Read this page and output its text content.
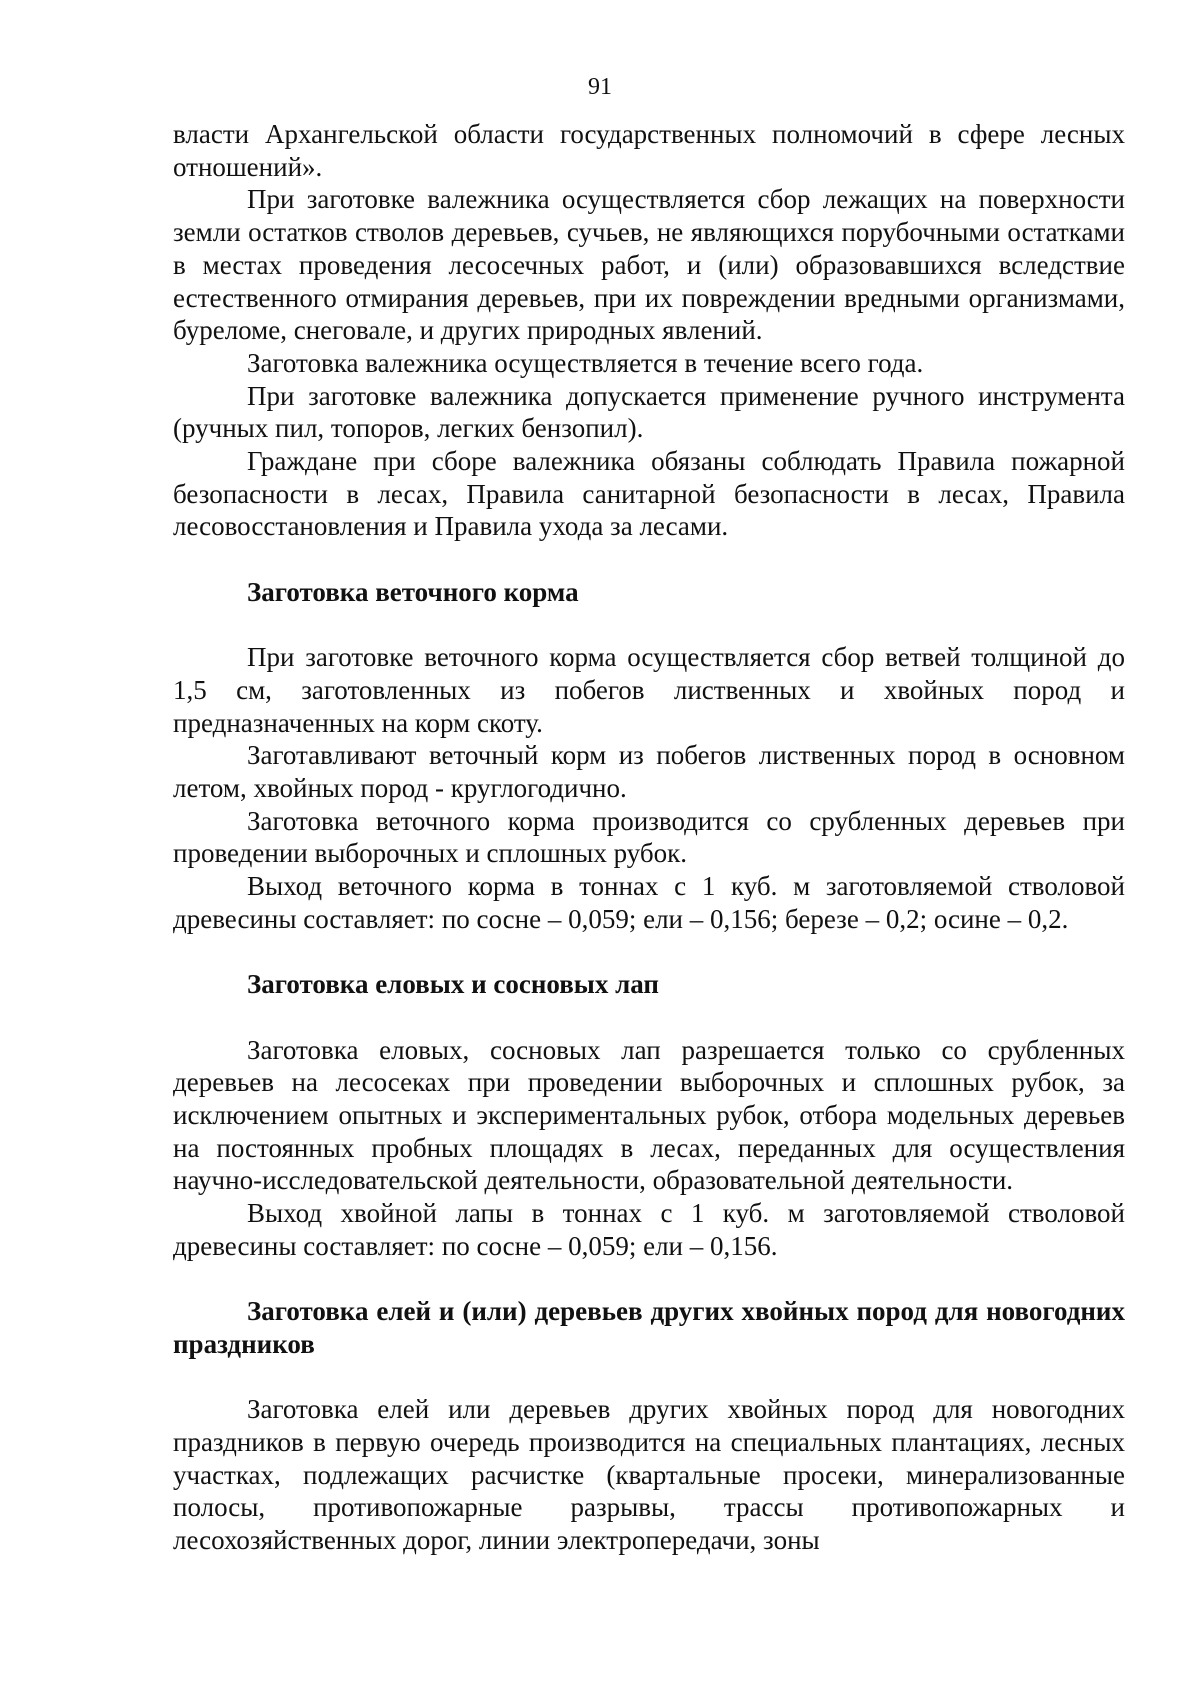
91

власти Архангельской области государственных полномочий в сфере лесных отношений».

При заготовке валежника осуществляется сбор лежащих на поверхности земли остатков стволов деревьев, сучьев, не являющихся порубочными остатками в местах проведения лесосечных работ, и (или) образовавшихся вследствие естественного отмирания деревьев, при их повреждении вредными организмами, буреломе, снеговале, и других природных явлений.

Заготовка валежника осуществляется в течение всего года.

При заготовке валежника допускается применение ручного инструмента (ручных пил, топоров, легких бензопил).

Граждане при сборе валежника обязаны соблюдать Правила пожарной безопасности в лесах, Правила санитарной безопасности в лесах, Правила лесовосстановления и Правила ухода за лесами.

Заготовка веточного корма

При заготовке веточного корма осуществляется сбор ветвей толщиной до 1,5 см, заготовленных из побегов лиственных и хвойных пород и предназначенных на корм скоту.

Заготавливают веточный корм из побегов лиственных пород в основном летом, хвойных пород - круглогодично.

Заготовка веточного корма производится со срубленных деревьев при проведении выборочных и сплошных рубок.

Выход веточного корма в тоннах с 1 куб. м заготовляемой стволовой древесины составляет: по сосне – 0,059; ели – 0,156; березе – 0,2; осине – 0,2.

Заготовка еловых и сосновых лап

Заготовка еловых, сосновых лап разрешается только со срубленных деревьев на лесосеках при проведении выборочных и сплошных рубок, за исключением опытных и экспериментальных рубок, отбора модельных деревьев на постоянных пробных площадях в лесах, переданных для осуществления научно-исследовательской деятельности, образовательной деятельности.

Выход хвойной лапы в тоннах с 1 куб. м заготовляемой стволовой древесины составляет: по сосне – 0,059; ели – 0,156.

Заготовка елей и (или) деревьев других хвойных пород для новогодних праздников

Заготовка елей или деревьев других хвойных пород для новогодних праздников в первую очередь производится на специальных плантациях, лесных участках, подлежащих расчистке (квартальные просеки, минерализованные полосы, противопожарные разрывы, трассы противопожарных и лесохозяйственных дорог, линии электропередачи, зоны
